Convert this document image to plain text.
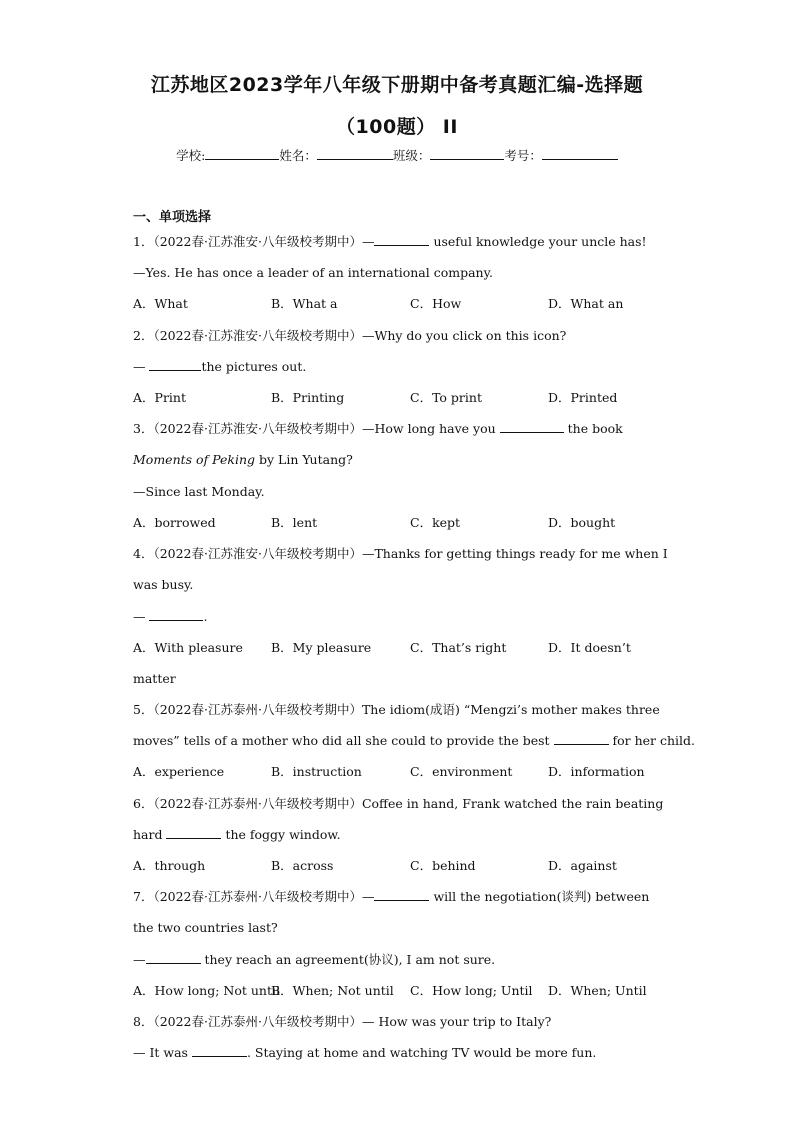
江苏地区2023学年八年级下册期中备考真题汇编-选择题
（100题） II
学校:	姓名：	班级：	考号：
一、单项选择
1．（2022春·江苏淮安·八年级校考期中）—	useful knowledge your uncle has!
—Yes. He has once a leader of an international company.
A．What	B．What a	C．How	D．What an
2．（2022春·江苏淮安·八年级校考期中）—Why do you click on this icon?
—	the pictures out.
A．Print	B．Printing	C．To print	D．Printed
3．（2022春·江苏淮安·八年级校考期中）—How long have you	the book
Moments of Peking by Lin Yutang?
—Since last Monday.
A．borrowed	B．lent	C．kept	D．bought
4．（2022春·江苏淮安·八年级校考期中）—Thanks for getting things ready for me when I
was busy.
—	.
A．With pleasure B．My pleasure	C．That’s right	D．It doesn’t
matter
5．（2022春·江苏泰州·八年级校考期中）The idiom(成语) “Mengzi’s mother makes three
moves” tells of a mother who did all she could to provide the best	for her child.
A．experience	B．instruction	C．environment	D．information
6．（2022春·江苏泰州·八年级校考期中）Coffee in hand, Frank watched the rain beating
hard	the foggy window.
A．through	B．across	C．behind	D．against
7．（2022春·江苏泰州·八年级校考期中）—	will the negotiation(谈判) between
the two countries last?
—	they reach an agreement(协议), I am not sure.
A．How long; Not until
B．When; Not until C．How long; Until D．When; Until
8．（2022春·江苏泰州·八年级校考期中）— How was your trip to Italy?
— It was	. Staying at home and watching TV would be more fun.
